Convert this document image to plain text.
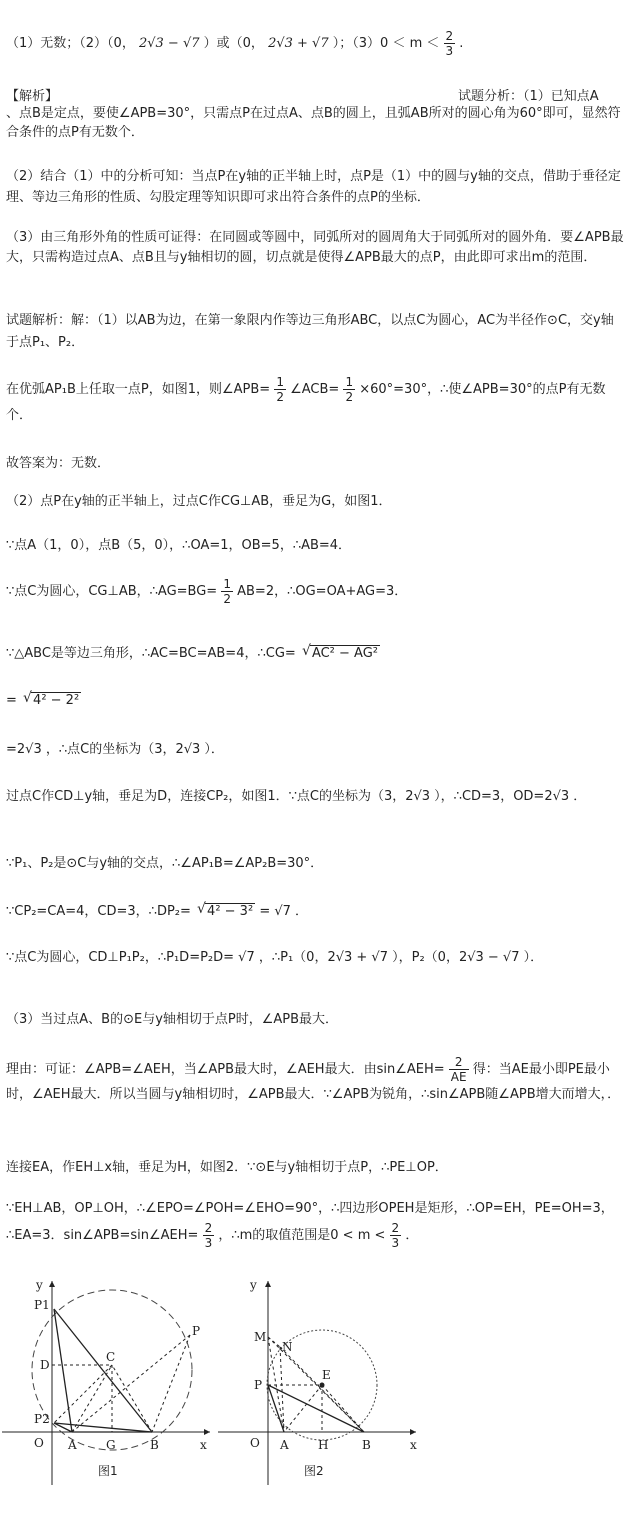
（1）无数；（2）（0， 2√3 − √7 ）或（0， 2√3 + √7 ）；$(3)0 < m < \frac{2}{3}$ .
【解析】	试题分析：（1）已知点A
、点B是定点，要使∠APB=30°，只需点P在过点A、点B的圆上，且弧AB所对的圆心角为60°即可，显然符合条件的点P有无数个．
（2）结合（1）中的分析可知：当点P在y轴的正半轴上时，点P是（1）中的圆与y轴的交点，借助于垂径定理、等边三角形的性质、勾股定理等知识即可求出符合条件的点P的坐标．
（3）由三角形外角的性质可证得：在同圆或等圆中，同弧所对的圆周角大于同弧所对的圆外角．要∠APB最大，只需构造过点A、点B且与y轴相切的圆，切点就是使得∠APB最大的点P，由此即可求出m的范围．
试题解析：解：（1）以AB为边，在第一象限内作等边三角形ABC，以点C为圆心，AC为半径作⊙C，交y轴于点P₁、P₂．
在优弧AP₁B上任取一点P，如图1，则∠APB= $\frac{1}{2}$ ∠ACB= $\frac{1}{2} \times 60^\circ=30^\circ$，∴使∠APB=30°的点P有无数个．
故答案为：无数．
（2）点P在y轴的正半轴上，过点C作CG⊥AB，垂足为G，如图1．
∵点A（1，0），点B（5，0），∴OA=1，OB=5，∴AB=4．
∵点C为圆心，CG⊥AB，∴AG=BG= $\frac{1}{2} AB=2$，∴OG=OA+AG=3．
∵△ABC是等边三角形，∴AC=BC=AB=4，∴CG= √ AC² − AG²
= √ 4² − 2²
=2√3 ，∴点C的坐标为（3，2√3 ）．
过点C作CD⊥y轴，垂足为D，连接CP₂，如图1．∵点C的坐标为（3，2√3 ），∴CD=3，OD=2√3 ．
∵P₁、P₂是⊙C与y轴的交点，∴∠AP₁B=∠AP₂B=30°．
∵CP₂=CA=4，CD=3，∴DP₂= √ 4² − 3² = √7 ．
∵点C为圆心，CD⊥P₁P₂，∴P₁D=P₂D= √7 ，∴P₁（0，2√3 + √7 ），P₂（0，2√3 − √7 ）．
（3）当过点A、B的⊙E与y轴相切于点P时，∠APB最大．
理由：可证：∠APB=∠AEH，当∠APB最大时，∠AEH最大．由sin∠AEH= $\frac{2}{AE}$ 得：当AE最小即PE最小时，∠AEH最大．所以当圆与y轴相切时，∠APB最大．∵∠APB为锐角，∴sin∠APB随∠APB增大而增大，．
连接EA，作EH⊥x轴，垂足为H，如图2．∵⊙E与y轴相切于点P，∴PE⊥OP．
∵EH⊥AB，OP⊥OH，∴∠EPO=∠POH=∠EHO=90°，∴四边形OPEH是矩形，∴OP=EH，PE=OH=3，∴EA=3．sin∠APB=sin∠AEH= $\frac{2}{3}$ ，∴m的取值范围是$0 < m < \frac{2}{3}$ ．
y
x
O A G	B
C
D
P
P1
P2
图1
y
x
O A H	B
E
P
M
N
图2
